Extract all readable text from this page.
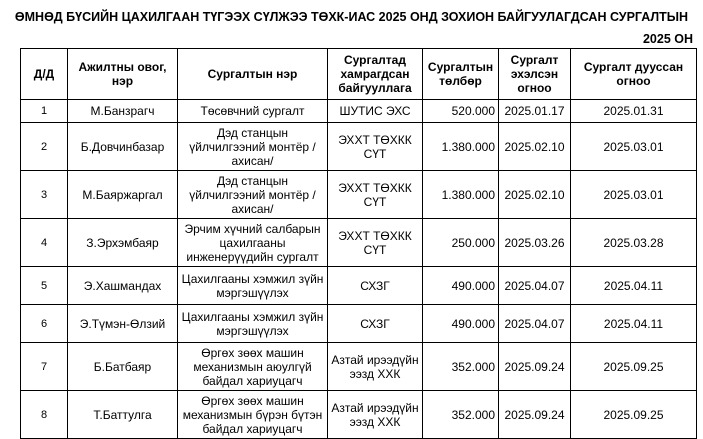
ӨМНӨД БҮСИЙН ЦАХИЛГААН ТҮГЭЭХ СҮЛЖЭЭ ТӨХК-ИАС 2025 ОНД ЗОХИОН БАЙГУУЛАГДСАН СУРГАЛТЫН
2025 ОН
Д/Д	Ажилтны овог, нэр	Сургалтын нэр	Сургалтад хамрагдсан байгууллага	Сургалтын төлбөр	Сургалт эхэлсэн огноо	Сургалт дууссан огноо
1	М.Банзрагч	Төсөвчний сургалт	ШУТИС ЭХС	520.000	2025.01.17	2025.01.31
2	Б.Довчинбазар	Дэд станцын үйлчилгээний монтёр /ахисан/	ЭХХТ ТӨХКК СҮТ	1.380.000	2025.02.10	2025.03.01
3	М.Баяржаргал	Дэд станцын үйлчилгээний монтёр /ахисан/	ЭХХТ ТӨХКК СҮТ	1.380.000	2025.02.10	2025.03.01
4	З.Эрхэмбаяр	Эрчим хүчний салбарын цахилгааны инженерүүдийн сургалт	ЭХХТ ТӨХКК СҮТ	250.000	2025.03.26	2025.03.28
5	Э.Хашмандах	Цахилгааны хэмжил зүйн мэргэшүүлэх	СХЗГ	490.000	2025.04.07	2025.04.11
6	Э.Түмэн-Өлзий	Цахилгааны хэмжил зүйн мэргэшүүлэх	СХЗГ	490.000	2025.04.07	2025.04.11
7	Б.Батбаяр	Өргөх зөөх машин механизмын аюулгүй байдал хариуцагч	Азтай ирээдүйн ээзд ХХК	352.000	2025.09.24	2025.09.25
8	Т.Баттулга	Өргөх зөөх машин механизмын бүрэн бүтэн байдал хариуцагч	Азтай ирээдүйн ээзд ХХК	352.000	2025.09.24	2025.09.25
